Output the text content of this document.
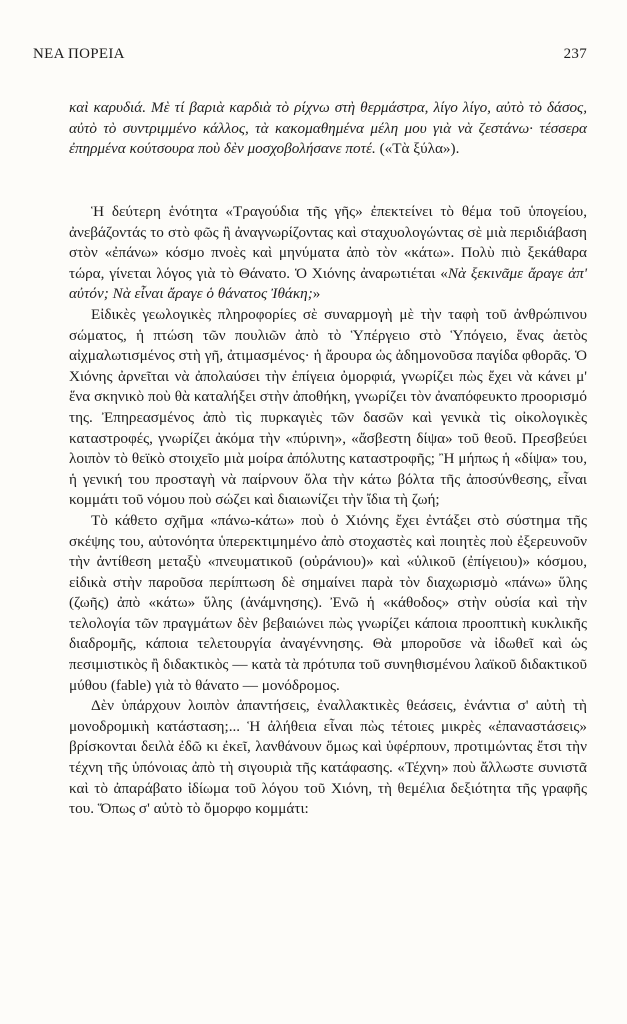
ΝΕΑ ΠΟΡΕΙΑ	237

καὶ καρυδιά. Μὲ τί βαριὰ καρδιὰ τὸ ρίχνω στὴ θερμάστρα, λίγο λίγο, αὐτὸ τὸ δάσος, αὐτὸ τὸ συντριμμένο κάλλος, τὰ κακομαθημένα μέλη μου γιὰ νὰ ζεστάνω· τέσσερα ἐπηρμένα κούτσουρα ποὺ δὲν μοσχοβολήσανε ποτέ. («Τὰ ξύλα»).

Ἡ δεύτερη ἑνότητα «Τραγούδια τῆς γῆς» ἐπεκτείνει τὸ θέμα τοῦ ὑπογείου, ἀνεβάζοντάς το στὸ φῶς ἢ ἀναγνωρίζοντας καὶ σταχυολογώντας σὲ μιὰ περιδιάβαση στὸν «ἐπάνω» κόσμο πνοὲς καὶ μηνύματα ἀπὸ τὸν «κάτω». Πολὺ πιὸ ξεκάθαρα τώρα, γίνεται λόγος γιὰ τὸ Θάνατο. Ὁ Χιόνης ἀναρωτιέται «Νὰ ξεκινᾶμε ἄραγε ἀπ' αὐτόν; Νὰ εἶναι ἄραγε ὁ θάνατος Ἰθάκη;»

Εἰδικὲς γεωλογικὲς πληροφορίες σὲ συναρμογὴ μὲ τὴν ταφὴ τοῦ ἀνθρώπινου σώματος, ἡ πτώση τῶν πουλιῶν ἀπὸ τὸ Ὑπέργειο στὸ Ὑπόγειο, ἕνας ἀετὸς αἰχμαλωτισμένος στὴ γῆ, ἀτιμασμένος· ἡ ἄρουρα ὡς ἀδημονοῦσα παγίδα φθορᾶς. Ὁ Χιόνης ἀρνεῖται νὰ ἀπολαύσει τὴν ἐπίγεια ὀμορφιά, γνωρίζει πὼς ἔχει νὰ κάνει μ' ἕνα σκηνικὸ ποὺ θὰ καταλήξει στὴν ἀποθήκη, γνωρίζει τὸν ἀναπόφευκτο προορισμό της. Ἐπηρεασμένος ἀπὸ τὶς πυρκαγιὲς τῶν δασῶν καὶ γενικὰ τὶς οἰκολογικὲς καταστροφές, γνωρίζει ἀκόμα τὴν «πύρινη», «ἄσβεστη δίψα» τοῦ θεοῦ. Πρεσβεύει λοιπὸν τὸ θεϊκὸ στοιχεῖο μιὰ μοίρα ἀπόλυτης καταστροφῆς; Ἢ μήπως ἡ «δίψα» του, ἡ γενική του προσταγὴ νὰ παίρνουν ὅλα τὴν κάτω βόλτα τῆς ἀποσύνθεσης, εἶναι κομμάτι τοῦ νόμου ποὺ σώζει καὶ διαιωνίζει τὴν ἴδια τὴ ζωή;

Τὸ κάθετο σχῆμα «πάνω-κάτω» ποὺ ὁ Χιόνης ἔχει ἐντάξει στὸ σύστημα τῆς σκέψης του, αὐτονόητα ὑπερεκτιμημένο ἀπὸ στοχαστὲς καὶ ποιητὲς ποὺ ἐξερευνοῦν τὴν ἀντίθεση μεταξὺ «πνευματικοῦ (οὐράνιου)» καὶ «ὑλικοῦ (ἐπίγειου)» κόσμου, εἰδικὰ στὴν παροῦσα περίπτωση δὲ σημαίνει παρὰ τὸν διαχωρισμὸ «πάνω» ὕλης (ζωῆς) ἀπὸ «κάτω» ὕλης (ἀνάμνησης). Ἐνῶ ἡ «κάθοδος» στὴν οὐσία καὶ τὴν τελολογία τῶν πραγμάτων δὲν βεβαιώνει πὼς γνωρίζει κάποια προοπτικὴ κυκλικῆς διαδρομῆς, κάποια τελετουργία ἀναγέννησης. Θὰ μποροῦσε νὰ ἰδωθεῖ καὶ ὡς πεσιμιστικὸς ἢ διδακτικὸς — κατὰ τὰ πρότυπα τοῦ συνηθισμένου λαϊκοῦ διδακτικοῦ μύθου (fable) γιὰ τὸ θάνατο — μονόδρομος.

Δὲν ὑπάρχουν λοιπὸν ἀπαντήσεις, ἐναλλακτικὲς θεάσεις, ἐνάντια σ' αὐτὴ τὴ μονοδρομικὴ κατάσταση;... Ἡ ἀλήθεια εἶναι πὼς τέτοιες μικρὲς «ἐπαναστάσεις» βρίσκονται δειλὰ ἐδῶ κι ἐκεῖ, λανθάνουν ὅμως καὶ ὑφέρπουν, προτιμώντας ἔτσι τὴν τέχνη τῆς ὑπόνοιας ἀπὸ τὴ σιγουριὰ τῆς κατάφασης. «Τέχνη» ποὺ ἄλλωστε συνιστᾶ καὶ τὸ ἀπαράβατο ἰδίωμα τοῦ λόγου τοῦ Χιόνη, τὴ θεμέλια δεξιότητα τῆς γραφῆς του. Ὅπως σ' αὐτὸ τὸ ὄμορφο κομμάτι:
